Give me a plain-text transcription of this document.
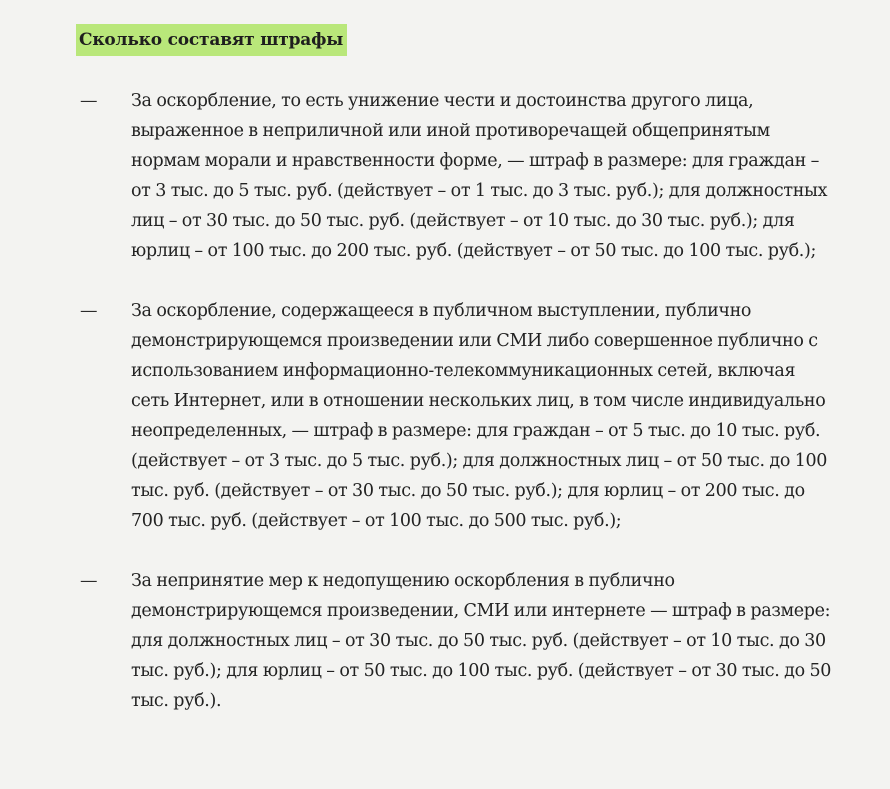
Сколько составят штрафы
—	За оскорбление, то есть унижение чести и достоинства другого лица, выраженное в неприличной или иной противоречащей общепринятым нормам морали и нравственности форме, — штраф в размере: для граждан – от 3 тыс. до 5 тыс. руб. (действует – от 1 тыс. до 3 тыс. руб.); для должностных лиц – от 30 тыс. до 50 тыс. руб. (действует – от 10 тыс. до 30 тыс. руб.); для юрлиц – от 100 тыс. до 200 тыс. руб. (действует – от 50 тыс. до 100 тыс. руб.);
—	За оскорбление, содержащееся в публичном выступлении, публично демонстрирующемся произведении или СМИ либо совершенное публично с использованием информационно-телекоммуникационных сетей, включая сеть Интернет, или в отношении нескольких лиц, в том числе индивидуально неопределенных, — штраф в размере: для граждан – от 5 тыс. до 10 тыс. руб. (действует – от 3 тыс. до 5 тыс. руб.); для должностных лиц – от 50 тыс. до 100 тыс. руб. (действует – от 30 тыс. до 50 тыс. руб.); для юрлиц – от 200 тыс. до 700 тыс. руб. (действует – от 100 тыс. до 500 тыс. руб.);
—	За непринятие мер к недопущению оскорбления в публично демонстрирующемся произведении, СМИ или интернете — штраф в размере: для должностных лиц – от 30 тыс. до 50 тыс. руб. (действует – от 10 тыс. до 30 тыс. руб.); для юрлиц – от 50 тыс. до 100 тыс. руб. (действует – от 30 тыс. до 50 тыс. руб.).
